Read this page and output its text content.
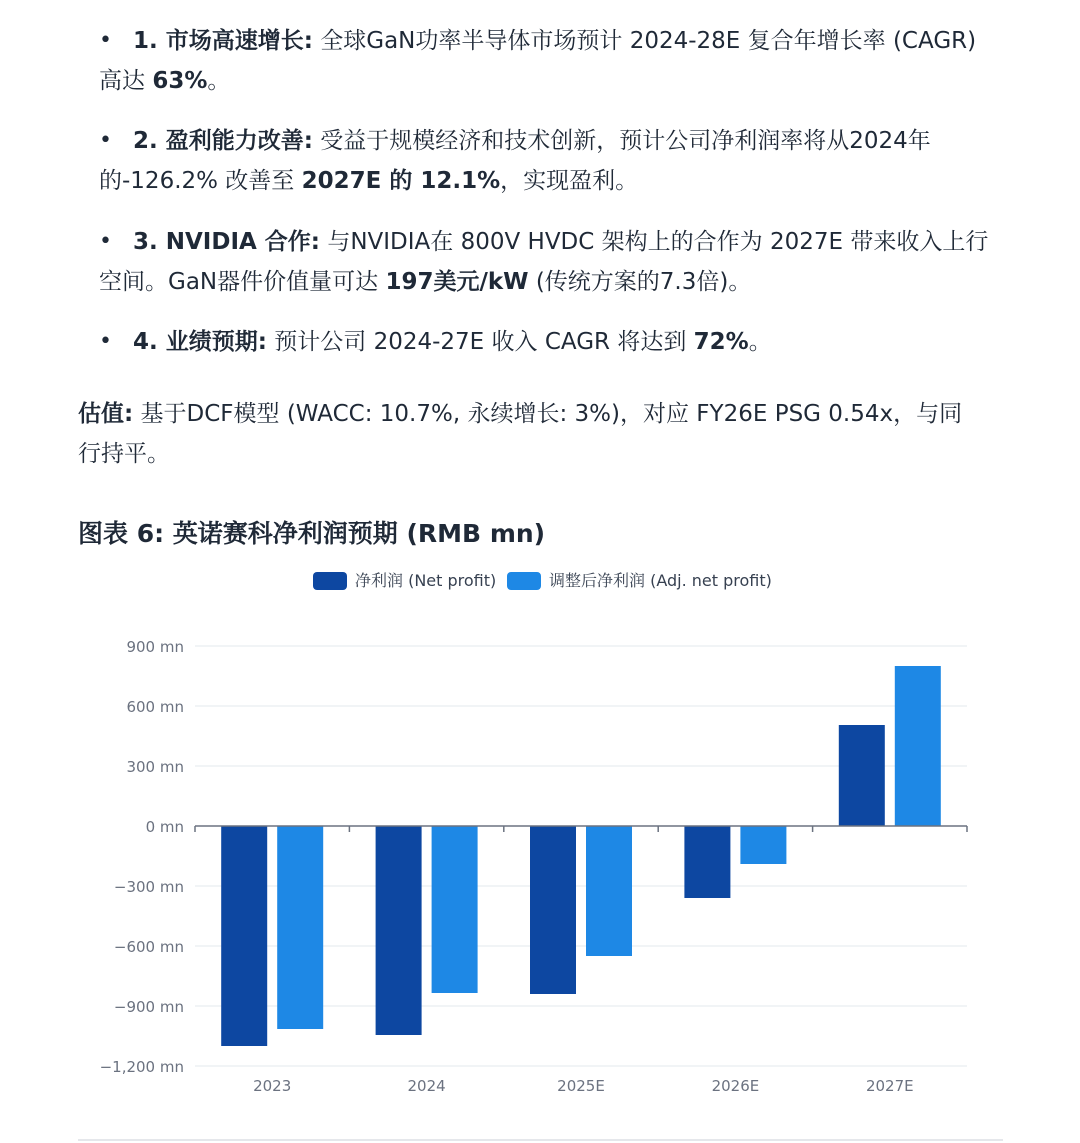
• 1. 市场高速增长: 全球GaN功率半导体市场预计 2024-28E 复合年增长率 (CAGR)
高达 63%。
• 2. 盈利能力改善: 受益于规模经济和技术创新，预计公司净利润率将从2024年
的-126.2% 改善至 2027E 的 12.1%，实现盈利。
• 3. NVIDIA 合作: 与NVIDIA在 800V HVDC 架构上的合作为 2027E 带来收入上行
空间。GaN器件价值量可达 197美元/kW (传统方案的7.3倍)。
• 4. 业绩预期: 预计公司 2024-27E 收入 CAGR 将达到 72%。
估值: 基于DCF模型 (WACC: 10.7%, 永续增长: 3%)，对应 FY26E PSG 0.54x，与同
行持平。
图表 6: 英诺赛科净利润预期 (RMB mn)
净利润 (Net profit)	调整后净利润 (Adj. net profit)
900 mn
600 mn
300 mn
0 mn
−300 mn
−600 mn
−900 mn
−1,200 mn
2023	2024	2025E	2026E	2027E
